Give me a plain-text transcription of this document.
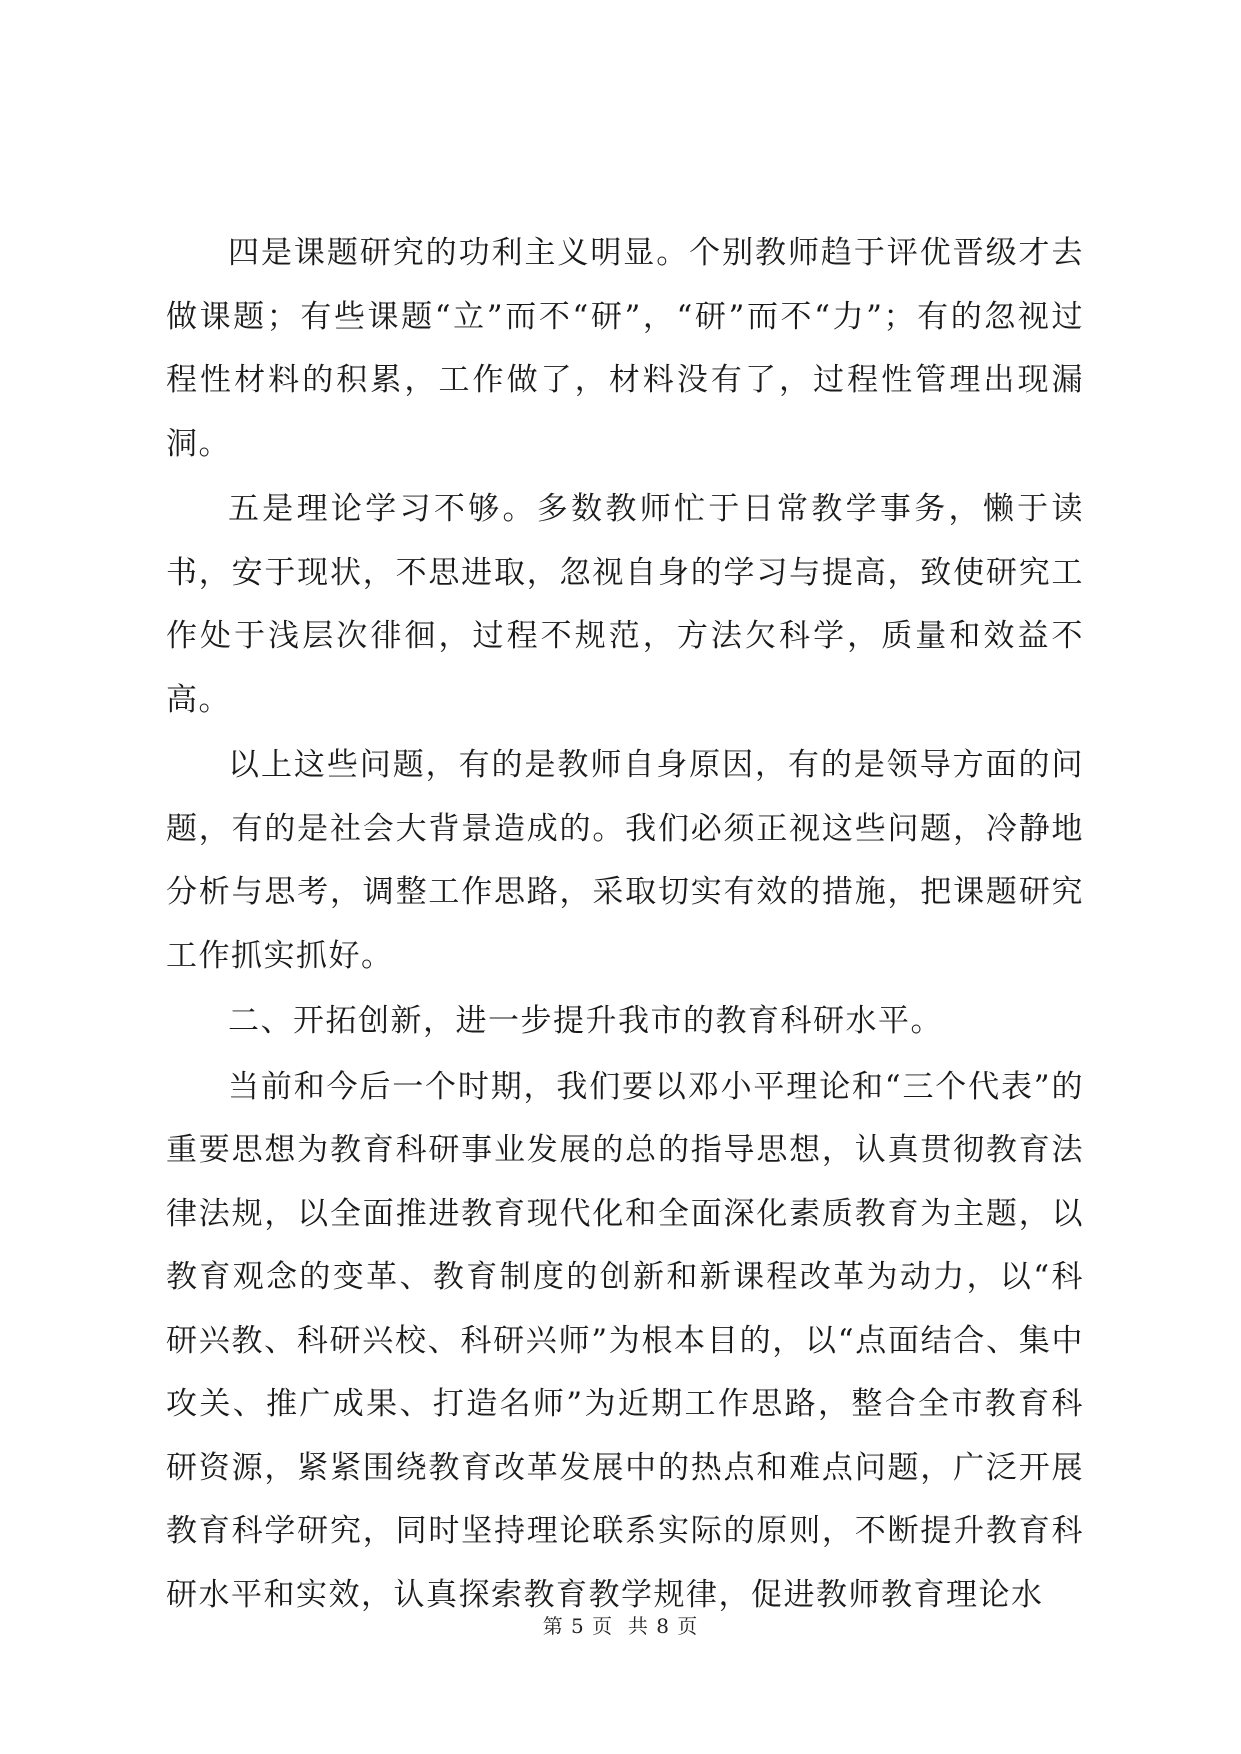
四是课题研究的功利主义明显。个别教师趋于评优晋级才去做课题；有些课题“立”而不“研”，“研”而不“力”；有的忽视过程性材料的积累，工作做了，材料没有了，过程性管理出现漏洞。

五是理论学习不够。多数教师忙于日常教学事务，懒于读书，安于现状，不思进取，忽视自身的学习与提高，致使研究工作处于浅层次徘徊，过程不规范，方法欠科学，质量和效益不高。

以上这些问题，有的是教师自身原因，有的是领导方面的问题，有的是社会大背景造成的。我们必须正视这些问题，冷静地分析与思考，调整工作思路，采取切实有效的措施，把课题研究工作抓实抓好。

二、开拓创新，进一步提升我市的教育科研水平。

当前和今后一个时期，我们要以邓小平理论和“三个代表”的重要思想为教育科研事业发展的总的指导思想，认真贯彻教育法律法规，以全面推进教育现代化和全面深化素质教育为主题，以教育观念的变革、教育制度的创新和新课程改革为动力，以“科研兴教、科研兴校、科研兴师”为根本目的，以“点面结合、集中攻关、推广成果、打造名师”为近期工作思路，整合全市教育科研资源，紧紧围绕教育改革发展中的热点和难点问题，广泛开展教育科学研究，同时坚持理论联系实际的原则，不断提升教育科研水平和实效，认真探索教育教学规律，促进教师教育理论水

第 5 页  共 8 页
